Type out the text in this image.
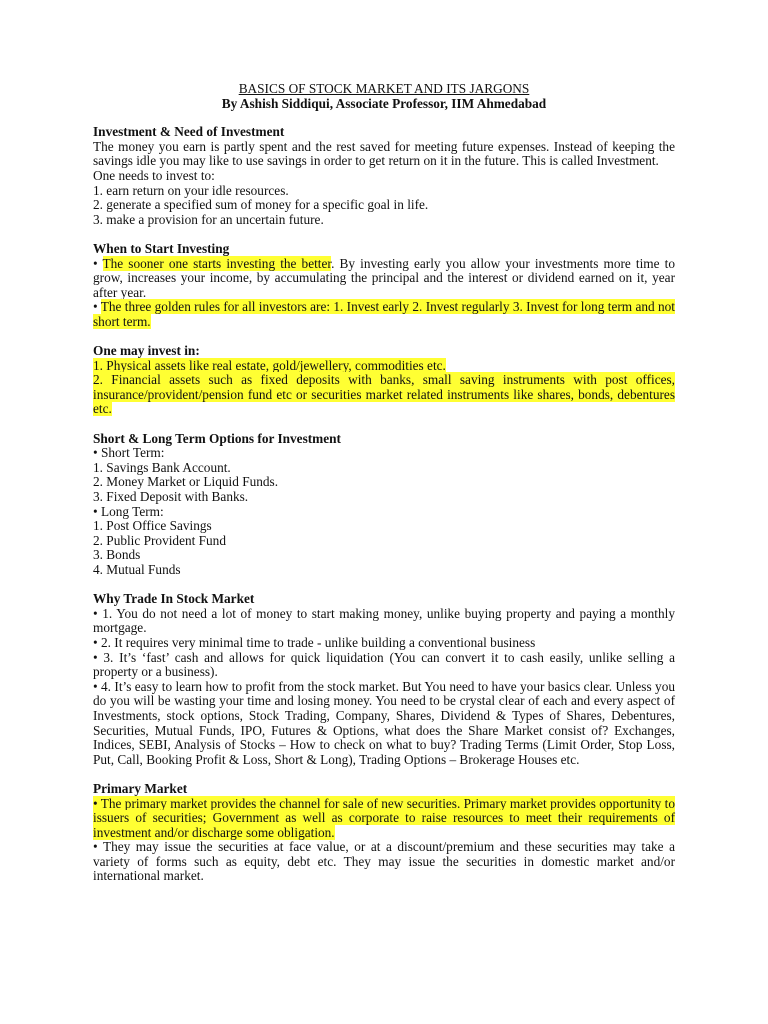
BASICS OF STOCK MARKET AND ITS JARGONS

By Ashish Siddiqui, Associate Professor, IIM Ahmedabad

Investment & Need of Investment

The money you earn is partly spent and the rest saved for meeting future expenses. Instead of keeping the savings idle you may like to use savings in order to get return on it in the future. This is called Investment.

One needs to invest to:

1. earn return on your idle resources.
2. generate a specified sum of money for a specific goal in life.
3. make a provision for an uncertain future.

When to Start Investing

• The sooner one starts investing the better. By investing early you allow your investments more time to grow, increases your income, by accumulating the principal and the interest or dividend earned on it, year after year.

• The three golden rules for all investors are: 1. Invest early 2. Invest regularly 3. Invest for long term and not short term.

One may invest in:

1. Physical assets like real estate, gold/jewellery, commodities etc.

2. Financial assets such as fixed deposits with banks, small saving instruments with post offices, insurance/provident/pension fund etc or securities market related instruments like shares, bonds, debentures etc.

Short & Long Term Options for Investment

• Short Term:
1. Savings Bank Account.
2. Money Market or Liquid Funds.
3. Fixed Deposit with Banks.
• Long Term:
1. Post Office Savings
2. Public Provident Fund
3. Bonds
4. Mutual Funds

Why Trade In Stock Market

• 1. You do not need a lot of money to start making money, unlike buying property and paying a monthly mortgage.

• 2. It requires very minimal time to trade - unlike building a conventional business

• 3. It’s ‘fast’ cash and allows for quick liquidation (You can convert it to cash easily, unlike selling a property or a business).

• 4. It’s easy to learn how to profit from the stock market. But You need to have your basics clear. Unless you do you will be wasting your time and losing money. You need to be crystal clear of each and every aspect of Investments, stock options, Stock Trading, Company, Shares, Dividend & Types of Shares, Debentures, Securities, Mutual Funds, IPO, Futures & Options, what does the Share Market consist of? Exchanges, Indices, SEBI, Analysis of Stocks – How to check on what to buy? Trading Terms (Limit Order, Stop Loss, Put, Call, Booking Profit & Loss, Short & Long), Trading Options – Brokerage Houses etc.

Primary Market

• The primary market provides the channel for sale of new securities. Primary market provides opportunity to issuers of securities; Government as well as corporate to raise resources to meet their requirements of investment and/or discharge some obligation.

• They may issue the securities at face value, or at a discount/premium and these securities may take a variety of forms such as equity, debt etc. They may issue the securities in domestic market and/or international market.
